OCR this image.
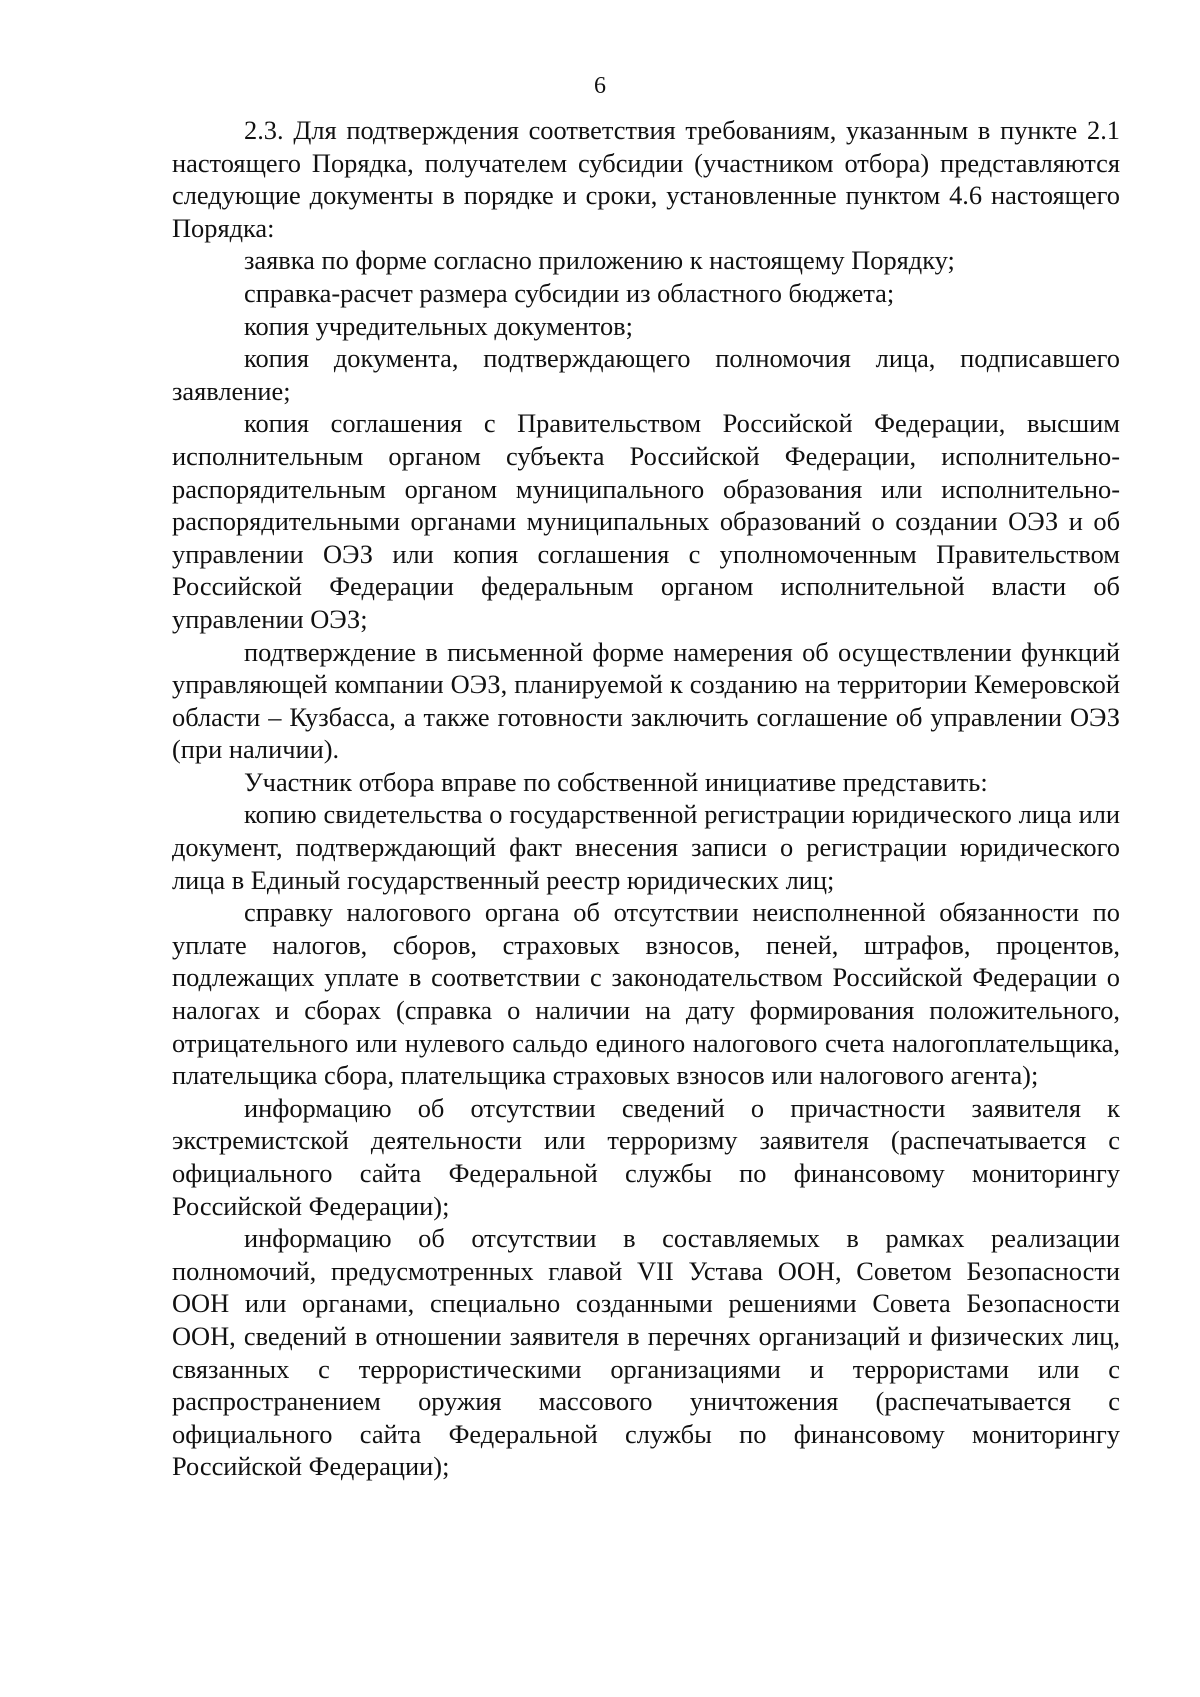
6

2.3. Для подтверждения соответствия требованиям, указанным в пункте 2.1 настоящего Порядка, получателем субсидии (участником отбора) представляются следующие документы в порядке и сроки, установленные пунктом 4.6 настоящего Порядка:

заявка по форме согласно приложению к настоящему Порядку;

справка-расчет размера субсидии из областного бюджета;

копия учредительных документов;

копия документа, подтверждающего полномочия лица, подписавшего заявление;

копия соглашения с Правительством Российской Федерации, высшим исполнительным органом субъекта Российской Федерации, исполнительно-распорядительным органом муниципального образования или исполнительно-распорядительными органами муниципальных образований о создании ОЭЗ и об управлении ОЭЗ или копия соглашения с уполномоченным Правительством Российской Федерации федеральным органом исполнительной власти об управлении ОЭЗ;

подтверждение в письменной форме намерения об осуществлении функций управляющей компании ОЭЗ, планируемой к созданию на территории Кемеровской области – Кузбасса, а также готовности заключить соглашение об управлении ОЭЗ (при наличии).

Участник отбора вправе по собственной инициативе представить:

копию свидетельства о государственной регистрации юридического лица или документ, подтверждающий факт внесения записи о регистрации юридического лица в Единый государственный реестр юридических лиц;

справку налогового органа об отсутствии неисполненной обязанности по уплате налогов, сборов, страховых взносов, пеней, штрафов, процентов, подлежащих уплате в соответствии с законодательством Российской Федерации о налогах и сборах (справка о наличии на дату формирования положительного, отрицательного или нулевого сальдо единого налогового счета налогоплательщика, плательщика сбора, плательщика страховых взносов или налогового агента);

информацию об отсутствии сведений о причастности заявителя к экстремистской деятельности или терроризму заявителя (распечатывается с официального сайта Федеральной службы по финансовому мониторингу Российской Федерации);

информацию об отсутствии в составляемых в рамках реализации полномочий, предусмотренных главой VII Устава ООН, Советом Безопасности ООН или органами, специально созданными решениями Совета Безопасности ООН, сведений в отношении заявителя в перечнях организаций и физических лиц, связанных с террористическими организациями и террористами или с распространением оружия массового уничтожения (распечатывается с официального сайта Федеральной службы по финансовому мониторингу Российской Федерации);
